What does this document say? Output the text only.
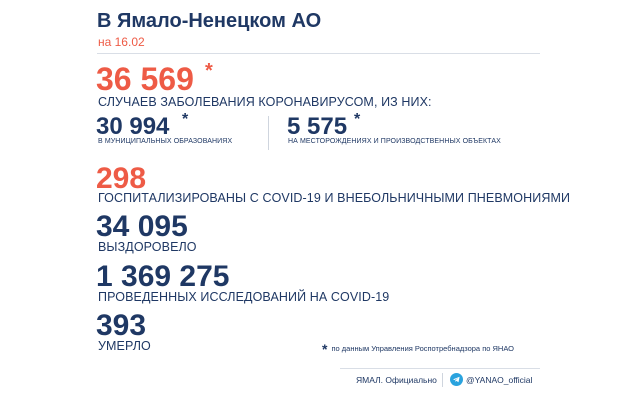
В Ямало-Ненецком АО
на 16.02
36 569 *
СЛУЧАЕВ ЗАБОЛЕВАНИЯ КОРОНАВИРУСОМ, ИЗ НИХ:
30 994 *
В МУНИЦИПАЛЬНЫХ ОБРАЗОВАНИЯХ
5 575 *
НА МЕСТОРОЖДЕНИЯХ И ПРОИЗВОДСТВЕННЫХ ОБЪЕКТАХ
298
ГОСПИТАЛИЗИРОВАНЫ С COVID-19 И ВНЕБОЛЬНИЧНЫМИ ПНЕВМОНИЯМИ
34 095
ВЫЗДОРОВЕЛО
1 369 275
ПРОВЕДЕННЫХ ИССЛЕДОВАНИЙ НА COVID-19
393
УМЕРЛО	* по данным Управления Роспотребнадзора по ЯНАО
ЯМАЛ. Официально	@YANAO_official
